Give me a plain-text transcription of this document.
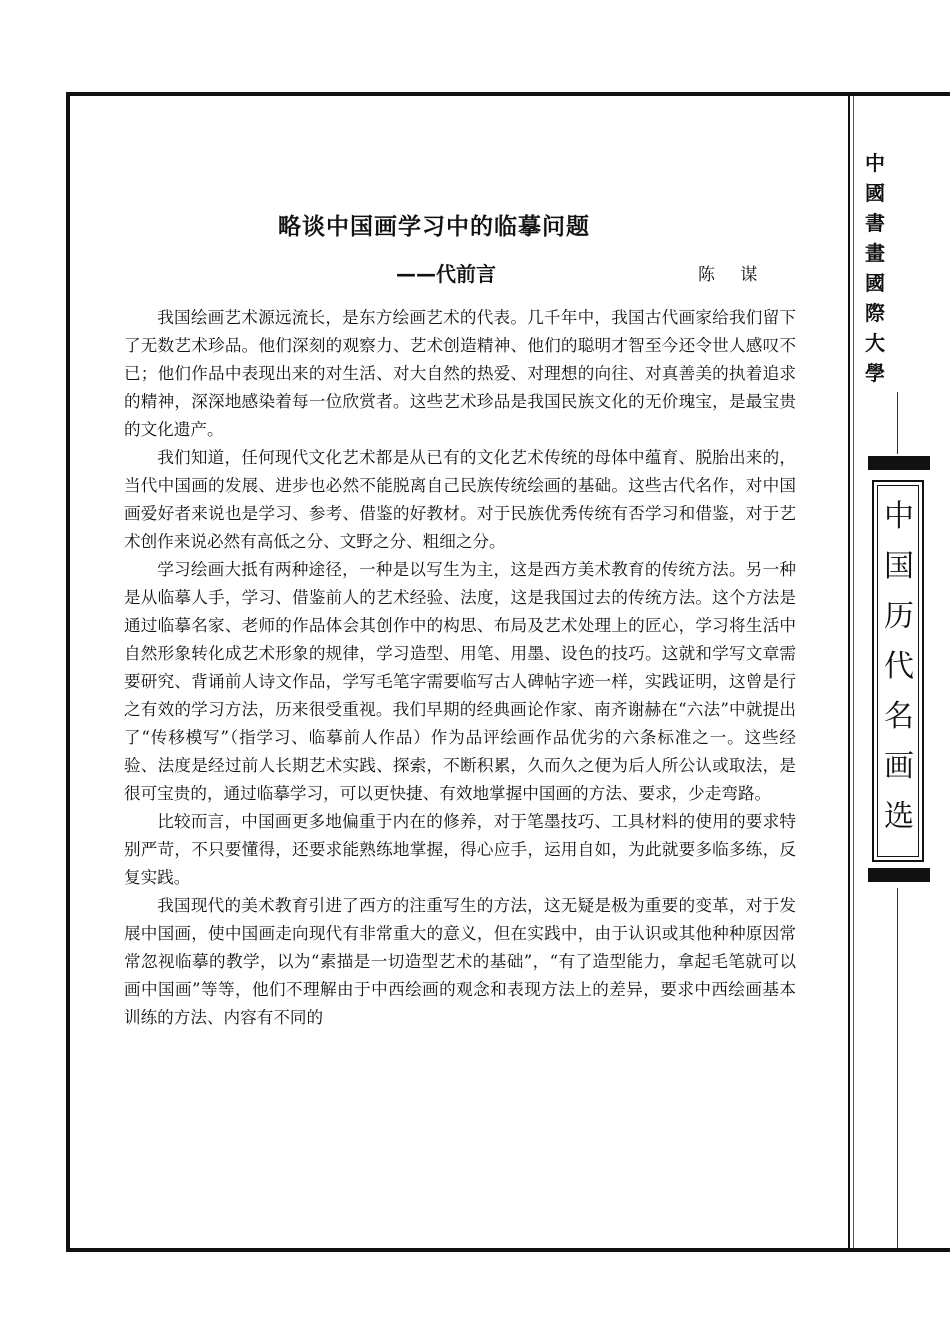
中
國
書
畫
國
際
大
學
中
国
历
代
名
画
选
略谈中国画学习中的临摹问题
——代前言	陈 谋

我国绘画艺术源远流长，是东方绘画艺术的代表。几千年中，我国古代画家给我们留下了无数艺术珍品。他们深刻的观察力、艺术创造精神、他们的聪明才智至今还令世人感叹不已；他们作品中表现出来的对生活、对大自然的热爱、对理想的向往、对真善美的执着追求的精神，深深地感染着每一位欣赏者。这些艺术珍品是我国民族文化的无价瑰宝，是最宝贵的文化遗产。

我们知道，任何现代文化艺术都是从已有的文化艺术传统的母体中蕴育、脱胎出来的，当代中国画的发展、进步也必然不能脱离自己民族传统绘画的基础。这些古代名作，对中国画爱好者来说也是学习、参考、借鉴的好教材。对于民族优秀传统有否学习和借鉴，对于艺术创作来说必然有高低之分、文野之分、粗细之分。

学习绘画大抵有两种途径，一种是以写生为主，这是西方美术教育的传统方法。另一种是从临摹人手，学习、借鉴前人的艺术经验、法度，这是我国过去的传统方法。这个方法是通过临摹名家、老师的作品体会其创作中的构思、布局及艺术处理上的匠心，学习将生活中自然形象转化成艺术形象的规律，学习造型、用笔、用墨、设色的技巧。这就和学写文章需要研究、背诵前人诗文作品，学写毛笔字需要临写古人碑帖字迹一样，实践证明，这曾是行之有效的学习方法，历来很受重视。我们早期的经典画论作家、南齐谢赫在“六法”中就提出了“传移模写”（指学习、临摹前人作品）作为品评绘画作品优劣的六条标准之一。这些经验、法度是经过前人长期艺术实践、探索，不断积累，久而久之便为后人所公认或取法，是很可宝贵的，通过临摹学习，可以更快捷、有效地掌握中国画的方法、要求，少走弯路。

比较而言，中国画更多地偏重于内在的修养，对于笔墨技巧、工具材料的使用的要求特别严苛，不只要懂得，还要求能熟练地掌握，得心应手，运用自如，为此就要多临多练，反复实践。

我国现代的美术教育引进了西方的注重写生的方法，这无疑是极为重要的变革，对于发展中国画，使中国画走向现代有非常重大的意义，但在实践中，由于认识或其他种种原因常常忽视临摹的教学，以为“素描是一切造型艺术的基础”，“有了造型能力，拿起毛笔就可以画中国画”等等，他们不理解由于中西绘画的观念和表现方法上的差异，要求中西绘画基本训练的方法、内容有不同的
